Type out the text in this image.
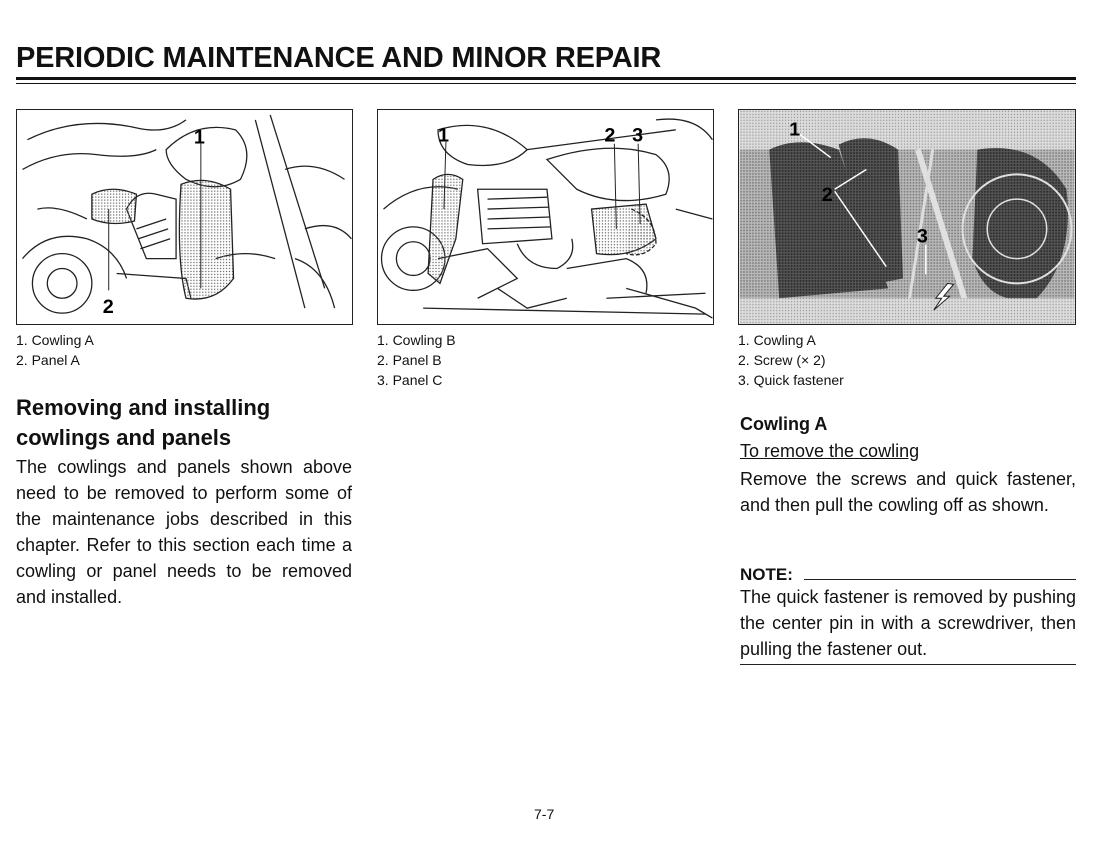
PERIODIC MAINTENANCE AND MINOR REPAIR
1
2
1	2 3	1
2
3
1. Cowling A
2. Panel A
1. Cowling B
2. Panel B
3. Panel C
1. Cowling A
2. Screw (× 2)
3. Quick fastener
Removing and installing
cowlings and panels
The cowlings and panels shown above need to be removed to perform some of the maintenance jobs described in this chapter. Refer to this section each time a cowling or panel needs to be removed and installed.
Cowling A
To remove the cowling
Remove the screws and quick fastener, and then pull the cowling off as shown.
NOTE:
The quick fastener is removed by pushing the center pin in with a screwdriver, then pulling the fastener out.
7-7
